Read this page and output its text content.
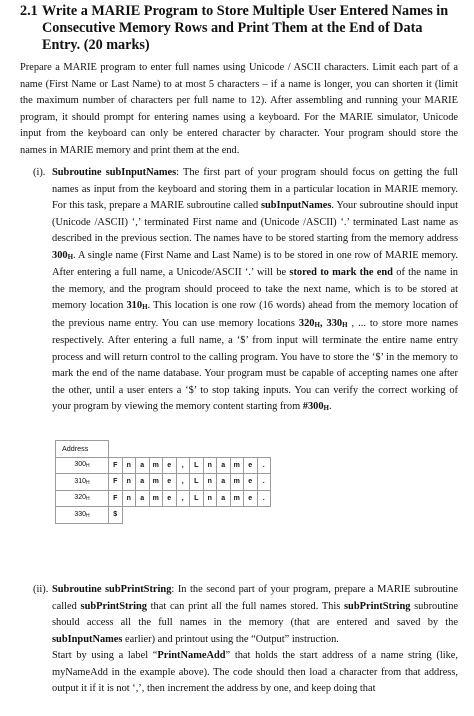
2.1 Write a MARIE Program to Store Multiple User Entered Names in Consecutive Memory Rows and Print Them at the End of Data Entry. (20 marks)

Prepare a MARIE program to enter full names using Unicode / ASCII characters. Limit each part of a name (First Name or Last Name) to at most 5 characters – if a name is longer, you can shorten it (limit the maximum number of characters per full name to 12). After assembling and running your MARIE program, it should prompt for entering names using a keyboard. For the MARIE simulator, Unicode input from the keyboard can only be entered character by character. Your program should store the names in MARIE memory and print them at the end.

(i). Subroutine subInputNames: The first part of your program should focus on getting the full names as input from the keyboard and storing them in a particular location in MARIE memory. For this task, prepare a MARIE subroutine called subInputNames. Your subroutine should input (Unicode /ASCII) ‘,’ terminated First name and (Unicode /ASCII) ‘.’ terminated Last name as described in the previous section. The names have to be stored starting from the memory address 300H. A single name (First Name and Last Name) is to be stored in one row of MARIE memory. After entering a full name, a Unicode/ASCII ‘.’ will be stored to mark the end of the name in the memory, and the program should proceed to take the next name, which is to be stored at memory location 310H. This location is one row (16 words) ahead from the memory location of the previous name entry. You can use memory locations 320H, 330H , ... to store more names respectively. After entering a full name, a ‘$’ from input will terminate the entire name entry process and will return control to the calling program. You have to store the ‘$’ in the memory to mark the end of the name database. Your program must be capable of accepting names one after the other, until a user enters a ‘$’ to stop taking inputs. You can verify the correct working of your program by viewing the memory content starting from #300H.
Address												
300H	F	n	a	m	e	,	L	n	a	m	e	.
310H	F	n	a	m	e	,	L	n	a	m	e	.
320H	F	n	a	m	e	,	L	n	a	m	e	.
330H	$											
(ii). Subroutine subPrintString: In the second part of your program, prepare a MARIE subroutine called subPrintString that can print all the full names stored. This subPrintString subroutine should access all the full names in the memory (that are entered and saved by the subInputNames earlier) and printout using the “Output” instruction.
Start by using a label “PrintNameAdd” that holds the start address of a name string (like, myNameAdd in the example above). The code should then load a character from that address, output it if it is not ‘,’, then increment the address by one, and keep doing that
